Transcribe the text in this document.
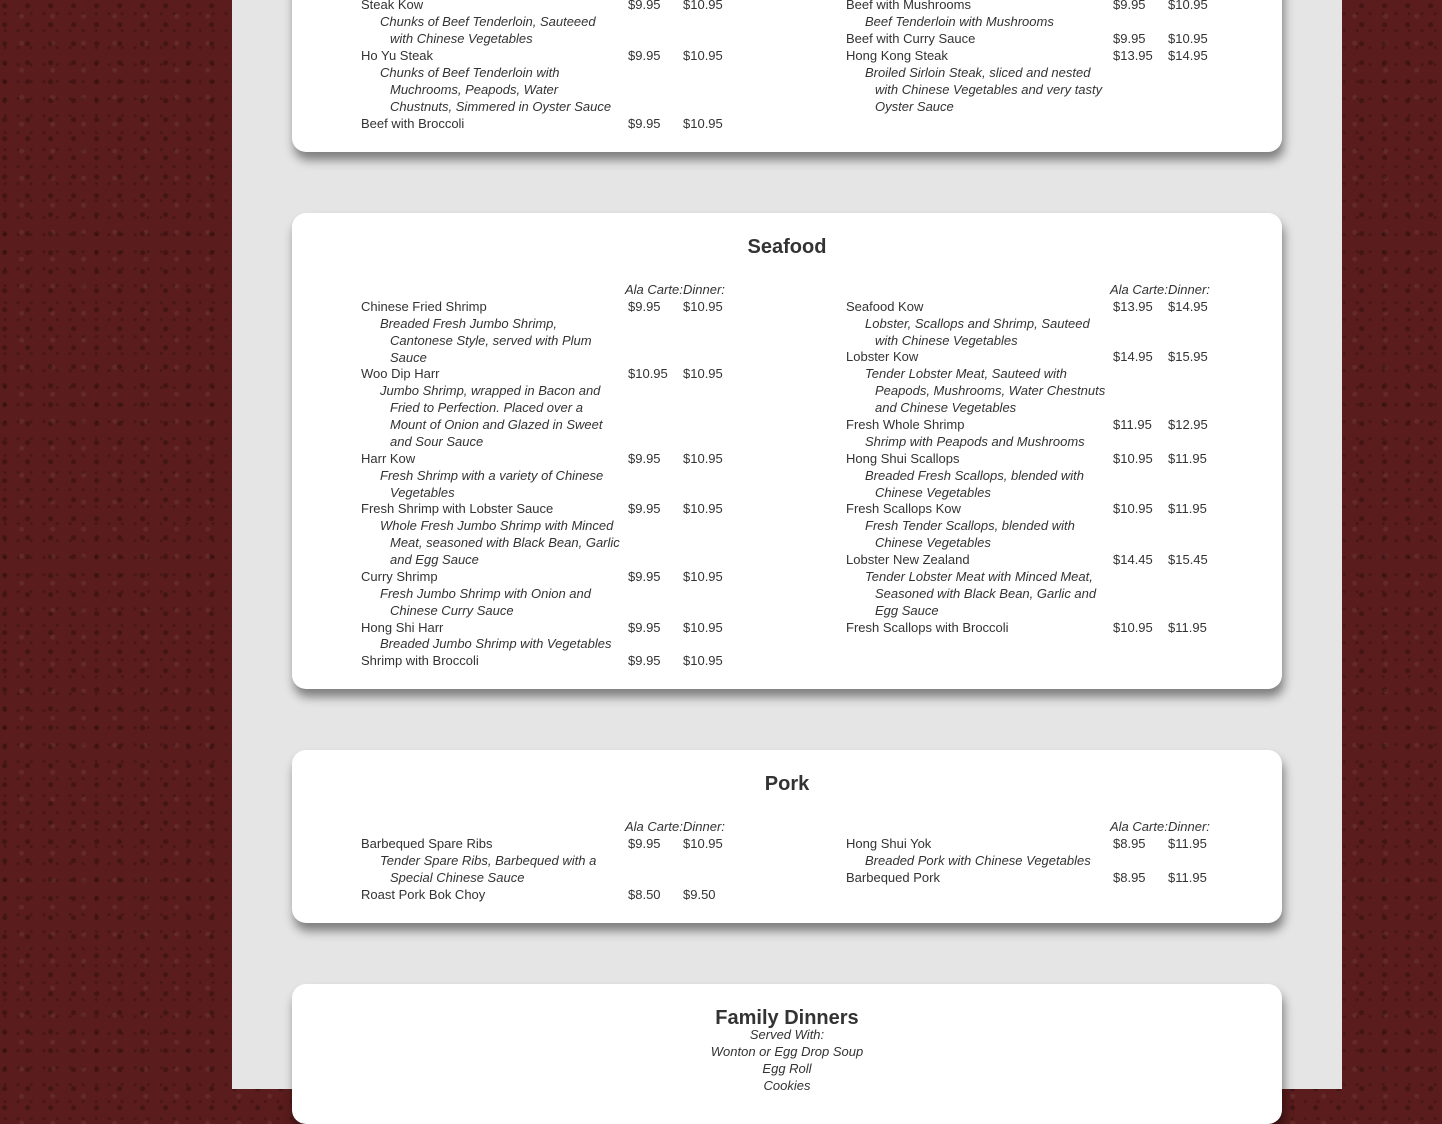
Steak Kow	$9.95 $10.95
Chunks of Beef Tenderloin, Sauteeed with Chinese Vegetables
Ho Yu Steak	$9.95 $10.95
Chunks of Beef Tenderloin with Muchrooms, Peapods, Water Chustnuts, Simmered in Oyster Sauce
Beef with Broccoli	$9.95 $10.95
Beef with Mushrooms	$9.95 $10.95
Beef Tenderloin with Mushrooms
Beef with Curry Sauce	$9.95 $10.95
Hong Kong Steak	$13.95 $14.95
Broiled Sirloin Steak, sliced and nested with Chinese Vegetables and very tasty Oyster Sauce
Seafood
Ala Carte: Dinner:	Ala Carte: Dinner:
Chinese Fried Shrimp	$9.95 $10.95
Breaded Fresh Jumbo Shrimp, Cantonese Style, served with Plum Sauce
Woo Dip Harr	$10.95 $10.95
Jumbo Shrimp, wrapped in Bacon and Fried to Perfection. Placed over a Mount of Onion and Glazed in Sweet and Sour Sauce
Harr Kow	$9.95 $10.95
Fresh Shrimp with a variety of Chinese Vegetables
Fresh Shrimp with Lobster Sauce	$9.95 $10.95
Whole Fresh Jumbo Shrimp with Minced Meat, seasoned with Black Bean, Garlic and Egg Sauce
Curry Shrimp	$9.95 $10.95
Fresh Jumbo Shrimp with Onion and Chinese Curry Sauce
Hong Shi Harr	$9.95 $10.95
Breaded Jumbo Shrimp with Vegetables
Shrimp with Broccoli	$9.95 $10.95
Seafood Kow	$13.95 $14.95
Lobster, Scallops and Shrimp, Sauteed with Chinese Vegetables
Lobster Kow	$14.95 $15.95
Tender Lobster Meat, Sauteed with Peapods, Mushrooms, Water Chestnuts and Chinese Vegetables
Fresh Whole Shrimp	$11.95 $12.95
Shrimp with Peapods and Mushrooms
Hong Shui Scallops	$10.95 $11.95
Breaded Fresh Scallops, blended with Chinese Vegetables
Fresh Scallops Kow	$10.95 $11.95
Fresh Tender Scallops, blended with Chinese Vegetables
Lobster New Zealand	$14.45 $15.45
Tender Lobster Meat with Minced Meat, Seasoned with Black Bean, Garlic and Egg Sauce
Fresh Scallops with Broccoli	$10.95 $11.95
Pork
Ala Carte: Dinner:	Ala Carte: Dinner:
Barbequed Spare Ribs	$9.95 $10.95
Tender Spare Ribs, Barbequed with a Special Chinese Sauce
Roast Pork Bok Choy	$8.50 $9.50
Hong Shui Yok	$8.95 $11.95
Breaded Pork with Chinese Vegetables
Barbequed Pork	$8.95 $11.95
Family Dinners
Served With:
Wonton or Egg Drop Soup
Egg Roll
Cookies
